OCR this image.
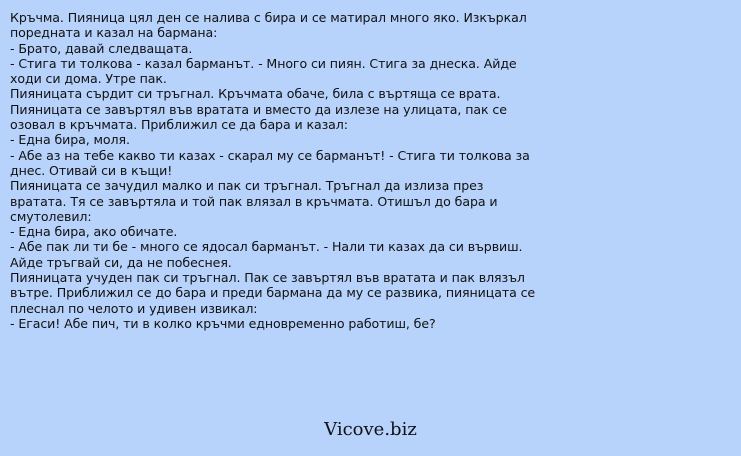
Кръчма. Пияница цял ден се налива с бира и се матирал много яко. Изкъркал
поредната и казал на бармана:
- Брато, давай следващата.
- Стига ти толкова - казал барманът. - Много си пиян. Стига за днеска. Айде
ходи си дома. Утре пак.
Пияницата сърдит си тръгнал. Кръчмата обаче, била с въртяща се врата.
Пияницата се завъртял във вратата и вместо да излезе на улицата, пак се
озовал в кръчмата. Приближил се да бара и казал:
- Една бира, моля.
- Абе аз на тебе какво ти казах - скарал му се барманът! - Стига ти толкова за
днес. Отивай си в къщи!
Пияницата се зачудил малко и пак си тръгнал. Тръгнал да излиза през
вратата. Тя се завъртяла и той пак влязал в кръчмата. Отишъл до бара и
смутолевил:
- Една бира, ако обичате.
- Абе пак ли ти бе - много се ядосал барманът. - Нали ти казах да си вървиш.
Айде тръгвай си, да не побеснея.
Пияницата учуден пак си тръгнал. Пак се завъртял във вратата и пак влязъл
вътре. Приближил се до бара и преди бармана да му се развика, пияницата се
плеснал по челото и удивен извикал:
- Егаси! Абе пич, ти в колко кръчми едновременно работиш, бе?
Vicove.biz
